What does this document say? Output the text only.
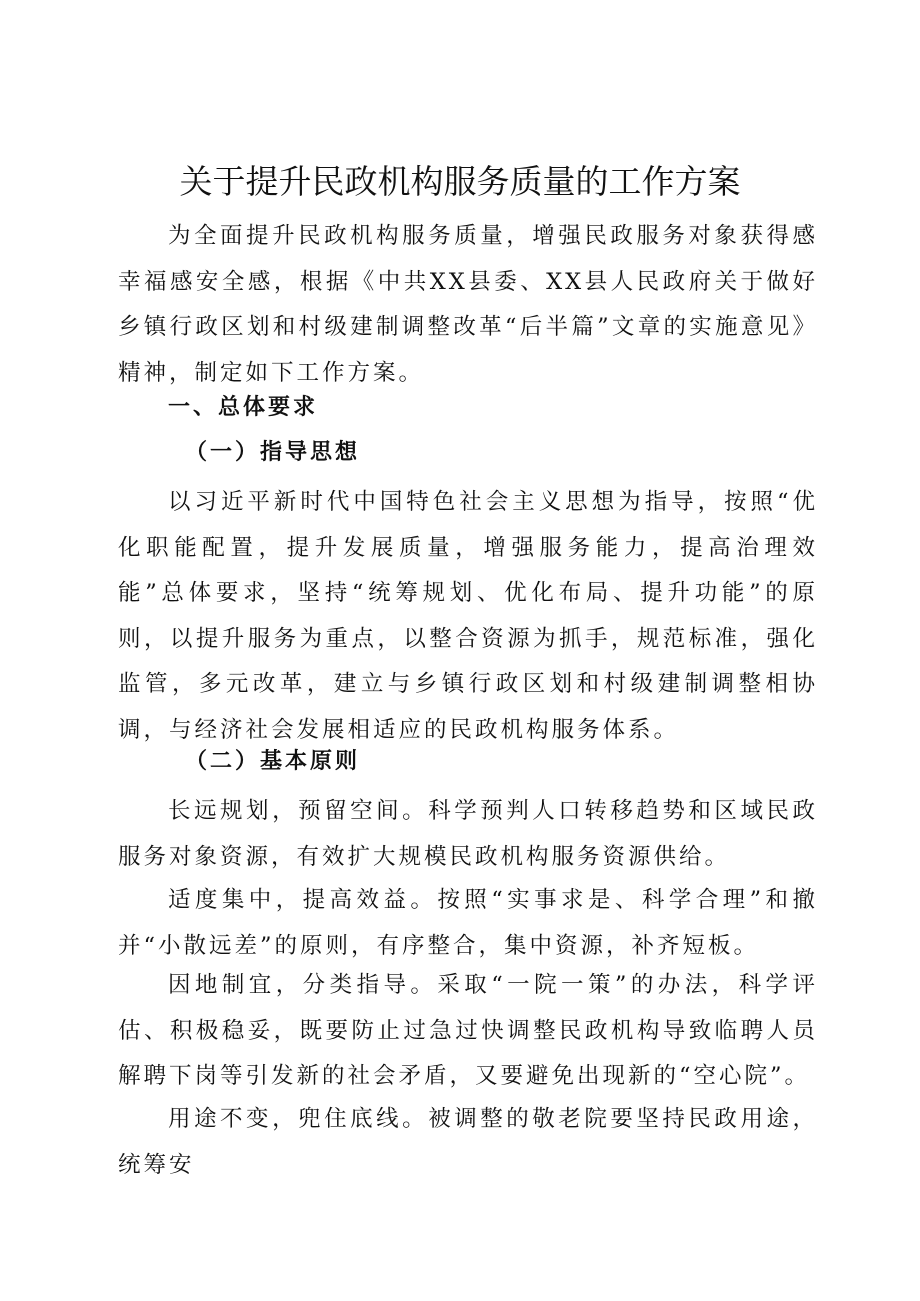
关于提升民政机构服务质量的工作方案
为全面提升民政机构服务质量，增强民政服务对象获得感幸福感安全感，根据《中共XX县委、XX县人民政府关于做好乡镇行政区划和村级建制调整改革“后半篇”文章的实施意见》精神，制定如下工作方案。
一、总体要求
（一）指导思想
以习近平新时代中国特色社会主义思想为指导，按照“优化职能配置，提升发展质量，增强服务能力，提高治理效能”总体要求，坚持“统筹规划、优化布局、提升功能”的原则，以提升服务为重点，以整合资源为抓手，规范标准，强化监管，多元改革，建立与乡镇行政区划和村级建制调整相协调，与经济社会发展相适应的民政机构服务体系。
（二）基本原则
长远规划，预留空间。科学预判人口转移趋势和区域民政服务对象资源，有效扩大规模民政机构服务资源供给。
适度集中，提高效益。按照“实事求是、科学合理”和撤并“小散远差”的原则，有序整合，集中资源，补齐短板。
因地制宜，分类指导。采取“一院一策”的办法，科学评估、积极稳妥，既要防止过急过快调整民政机构导致临聘人员解聘下岗等引发新的社会矛盾，又要避免出现新的“空心院”。
用途不变，兜住底线。被调整的敬老院要坚持民政用途，统筹安
